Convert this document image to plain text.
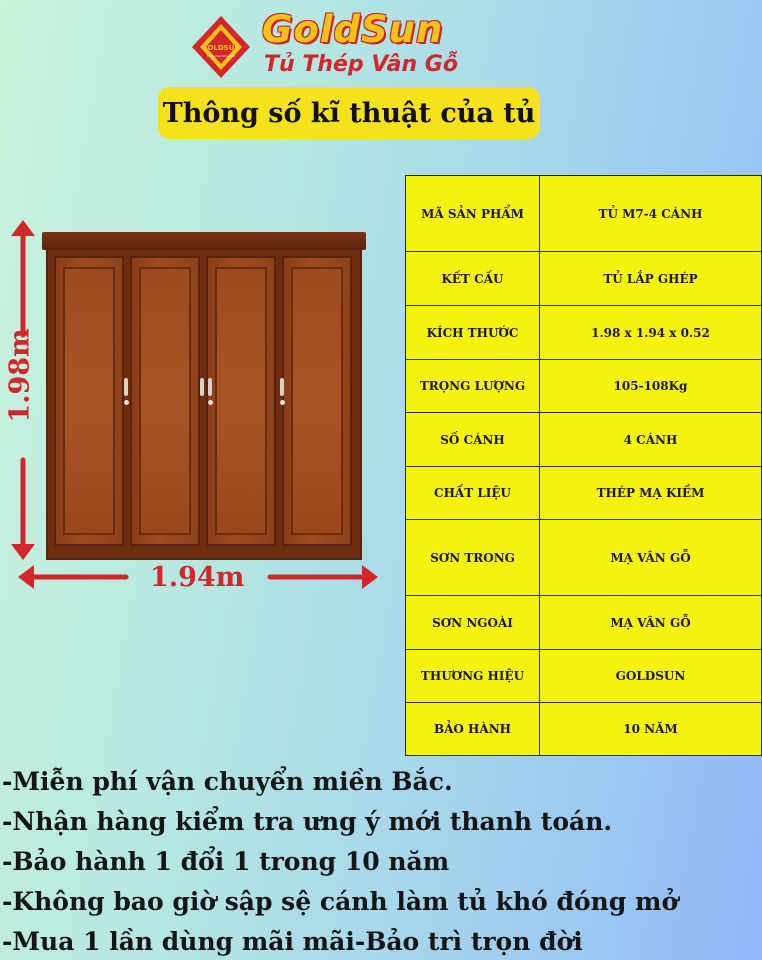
GOLDSUN
Thép mạ kẽm điện
GoldSun
Tủ Thép Vân Gỗ
Thông số kĩ thuật của tủ
1.98m
1.94m
MÃ SẢN PHẨM	TỦ M7-4 CÁNH
KẾT CẤU	TỦ LẮP GHÉP
KÍCH THƯỚC	1.98 x 1.94 x 0.52
TRỌNG LƯỢNG	105-108Kg
SỐ CÁNH	4 CÁNH
CHẤT LIỆU	THÉP MẠ KIỀM
SƠN TRONG	MẠ VÂN GỖ
SƠN NGOÀI	MẠ VÂN GỖ
THƯƠNG HIỆU	GOLDSUN
BẢO HÀNH	10 NĂM
-Miễn phí vận chuyển miền Bắc.
-Nhận hàng kiểm tra ưng ý mới thanh toán.
-Bảo hành 1 đổi 1 trong 10 năm
-Không bao giờ sập sệ cánh làm tủ khó đóng mở
-Mua 1 lần dùng mãi mãi-Bảo trì trọn đời
